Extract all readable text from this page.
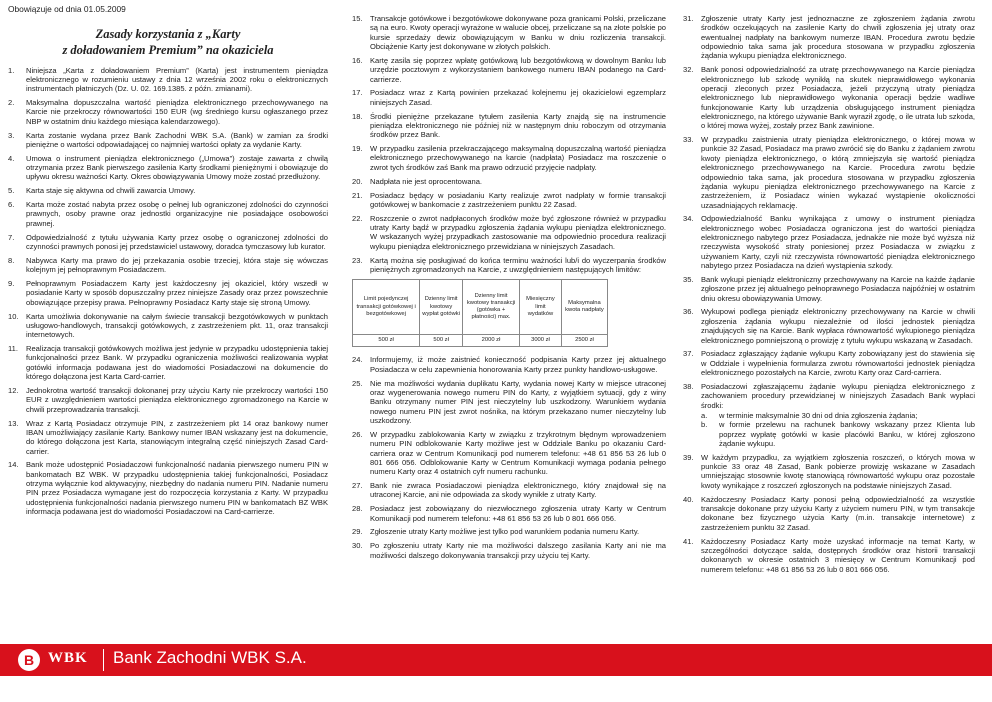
Obowiązuje od dnia 01.05.2009
Zasady korzystania z „Karty
z doładowaniem Premium” na okaziciela
1.	Niniejsza „Karta z doładowaniem Premium” (Karta) jest instrumentem pieniądza elektronicznego w rozumieniu ustawy z dnia 12 września 2002 roku o elektronicznych instrumentach płatniczych (Dz. U. 02. 169.1385. z późn. zmianami).

2.	Maksymalna dopuszczalna wartość pieniądza elektronicznego przechowywanego na Karcie nie przekroczy równowartości 150 EUR (wg średniego kursu ogłaszanego przez NBP w ostatnim dniu każdego miesiąca kalendarzowego).

3.	Karta zostanie wydana przez Bank Zachodni WBK S.A. (Bank) w zamian za środki pieniężne o wartości odpowiadającej co najmniej wartości opłaty za wydanie Karty.

4.	Umowa o instrument pieniądza elektronicznego („Umowa”) zostaje zawarta z chwilą otrzymania przez Bank pierwszego zasilenia Karty środkami pieniężnymi i obowiązuje do upływu okresu ważności Karty. Okres obowiązywania Umowy może zostać przedłużony.

5.	Karta staje się aktywna od chwili zawarcia Umowy.

6.	Karta może zostać nabyta przez osobę o pełnej lub ograniczonej zdolności do czynności prawnych, osoby prawne oraz jednostki organizacyjne nie posiadające osobowości prawnej.

7.	Odpowiedzialność z tytułu używania Karty przez osobę o ograniczonej zdolności do czynności prawnych ponosi jej przedstawiciel ustawowy, doradca tymczasowy lub kurator.

8.	Nabywca Karty ma prawo do jej przekazania osobie trzeciej, która staje się wówczas kolejnym jej pełnoprawnym Posiadaczem.

9.	Pełnoprawnym Posiadaczem Karty jest każdoczesny jej okaziciel, który wszedł w posiadanie Karty w sposób dopuszczalny przez niniejsze Zasady oraz przez powszechnie obowiązujące przepisy prawa. Pełnoprawny Posiadacz Karty staje się stroną Umowy.

10. Karta umożliwia dokonywanie na całym świecie transakcji bezgotówkowych w punktach usługowo-handlowych, transakcji gotówkowych, z zastrzeżeniem pkt. 11, oraz transakcji internetowych.

11.	Realizacja transakcji gotówkowych możliwa jest jedynie w przypadku udostępnienia takiej funkcjonalności przez Bank. W przypadku ograniczenia możliwości realizowania wypłat gotówki informacja podawana jest do wiadomości Posiadaczowi na dokumencie do którego dołączona jest Karta Card-carrier.

12. Jednokrotna wartość transakcji dokonanej przy użyciu Karty nie przekroczy wartości 150 EUR z uwzględnieniem wartości pieniądza elektronicznego zgromadzonego na Karcie w chwili przeprowadzania transakcji.

13. Wraz z Kartą Posiadacz otrzymuje PIN, z zastrzeżeniem pkt 14 oraz bankowy numer IBAN umożliwiający zasilanie Karty. Bankowy numer IBAN wskazany jest na dokumencie, do którego dołączona jest Karta, stanowiącym integralną część niniejszych Zasad Card-carrier.

14. Bank może udostępnić Posiadaczowi funkcjonalność nadania pierwszego numeru PIN w bankomatach BZ WBK. W przypadku udostępnienia takiej funkcjonalności, Posiadacz otrzyma wyłącznie kod aktywacyjny, niezbędny do nadania numeru PIN. Nadanie numeru PIN przez Posiadacza wymagane jest do rozpoczęcia korzystania z Karty. W przypadku udostępnienia funkcjonalności nadania pierwszego numeru PIN w bankomatach BZ WBK informacja podawana jest do wiadomości Posiadaczowi na Card-carrierze.

15. Transakcje gotówkowe i bezgotówkowe dokonywane poza granicami Polski, przeliczane są na euro. Kwoty operacji wyrażone w walucie obcej, przeliczane są na złote polskie po kursie sprzedaży dewiz obowiązującym w Banku w dniu rozliczenia transakcji. Obciążenie Karty jest dokonywane w złotych polskich.

16. Kartę zasila się poprzez wpłatę gotówkową lub bezgotówkową w dowolnym Banku lub urzędzie pocztowym z wykorzystaniem bankowego numeru IBAN podanego na Card-carrierze.

17. Posiadacz wraz z Kartą powinien przekazać kolejnemu jej okazicielowi egzemplarz niniejszych Zasad.

18. Środki pieniężne przekazane tytułem zasilenia Karty znajdą się na instrumencie pieniądza elektronicznego nie później niż w następnym dniu roboczym od otrzymania środków przez Bank.

19. W przypadku zasilenia przekraczającego maksymalną dopuszczalną wartość pieniądza elektronicznego przechowywanego na karcie (nadpłata) Posiadacz ma roszczenie o zwrot tych środków zaś Bank ma prawo odrzucić przyjęcie nadpłaty.

20. Nadpłata nie jest oprocentowana.

21. Posiadacz będący w posiadaniu Karty realizuje zwrot nadpłaty w formie transakcji gotówkowej w bankomacie z zastrzeżeniem punktu 22 Zasad.

22. Roszczenie o zwrot nadpłaconych środków może być zgłoszone również w przypadku utraty Karty bądź w przypadku zgłoszenia żądania wykupu pieniądza elektronicznego. W wskazanych wyżej przypadkach zastosowanie ma odpowiednio procedura realizacji wykupu pieniądza elektronicznego przewidziana w niniejszych Zasadach.

23. Kartą można się posługiwać do końca terminu ważności lub/i do wyczerpania środków pieniężnych zgromadzonych na Karcie, z uwzględnieniem następujących limitów:

Limit pojedynczej transakcji gotówkowej i bezgotówkowej	Dzienny limit kwotowy wypłat gotówki	Dzienny limit kwotowy transakcji (gotówka + płatności) max.	Miesięczny limit wydatków	Maksymalna kwota nadpłaty
500 zł	500 zł	2000 zł	3000 zł	2500 zł
24. Informujemy, iż może zaistnieć konieczność podpisania Karty przez jej aktualnego Posiadacza w celu zapewnienia honorowania Karty przez punkty handlowo-usługowe.

25. Nie ma możliwości wydania duplikatu Karty, wydania nowej Karty w miejsce utraconej oraz wygenerowania nowego numeru PIN do Karty, z wyjątkiem sytuacji, gdy z winy Banku otrzymany numer PIN jest nieczytelny lub uszkodzony. Warunkiem wydania nowego numeru PIN jest zwrot nośnika, na którym przekazano numer nieczytelny lub uszkodzony.

26. W przypadku zablokowania Karty w związku z trzykrotnym błędnym wprowadzeniem numeru PIN odblokowanie Karty możliwe jest w Oddziale Banku po okazaniu Card-carriera oraz w Centrum Komunikacji pod numerem telefonu: +48 61 856 53 26 lub 0 801 666 056. Odblokowanie Karty w Centrum Komunikacji wymaga podania pełnego numeru Karty oraz 4 ostatnich cyfr numeru rachunku.

27. Bank nie zwraca Posiadaczowi pieniądza elektronicznego, który znajdował się na utraconej Karcie, ani nie odpowiada za skody wynikłe z utraty Karty.

28. Posiadacz jest zobowiązany do niezwłocznego zgłoszenia utraty Karty w Centrum Komunikacji pod numerem telefonu: +48 61 856 53 26 lub 0 801 666 056.

29. Zgłoszenie utraty Karty możliwe jest tylko pod warunkiem podania numeru Karty.

30. Po zgłoszeniu utraty Karty nie ma możliwości dalszego zasilania Karty ani nie ma możliwości dalszego dokonywania transakcji przy użyciu tej Karty.

31. Zgłoszenie utraty Karty jest jednoznaczne ze zgłoszeniem żądania zwrotu środków oczekujących na zasilenie Karty do chwili zgłoszenia jej utraty oraz ewentualnej nadpłaty na bankowym numerze IBAN. Procedura zwrotu będzie odpowiednio taka sama jak procedura stosowana w przypadku zgłoszenia żądania wykupu pieniądza elektronicznego.

32. Bank ponosi odpowiedzialność za utratę przechowywanego na Karcie pieniądza elektronicznego lub szkodę wynikłą na skutek nieprawidłowego wykonania operacji zleconych przez Posiadacza, jeżeli przyczyną utraty pieniądza elektronicznego lub nieprawidłowego wykonania operacji będzie wadliwe funkcjonowanie Karty lub urządzenia obsługującego instrument pieniądza elektronicznego, na którego używanie Bank wyraził zgodę, o ile utrata lub szkoda, o której mowa wyżej, zostały przez Bank zawinione.

33. W przypadku zaistnienia utraty pieniądza elektronicznego, o której mowa w punkcie 32 Zasad, Posiadacz ma prawo zwrócić się do Banku z żądaniem zwrotu kwoty pieniądza elektronicznego, o którą zmniejszyła się wartość pieniądza elektronicznego przechowywanego na Karcie. Procedura zwrotu będzie odpowiednio taka sama, jak procedura stosowana w przypadku zgłoszenia żądania wykupu pieniądza elektronicznego przechowywanego na Karcie z zastrzeżeniem, iż Posiadacz winien wykazać wystąpienie okoliczności uzasadniających reklamację.

34. Odpowiedzialność Banku wynikająca z umowy o instrument pieniądza elektronicznego wobec Posiadacza ograniczona jest do wartości pieniądza elektronicznego nabytego przez Posiadacza, jednakże nie może być wyższa niż rzeczywista wysokość straty poniesionej przez Posiadacza w związku z używaniem Karty, czyli niż rzeczywista równowartość pieniądza elektronicznego nabytego przez Posiadacza na dzień wystąpienia szkody.

35. Bank wykupi pieniądz elektroniczny przechowywany na Karcie na każde żądanie zgłoszone przez jej aktualnego pełnoprawnego Posiadacza najpóźniej w ostatnim dniu okresu obowiązywania Umowy.

36. Wykupowi podlega pieniądz elektroniczny przechowywany na Karcie w chwili zgłoszenia żądania wykupu niezależnie od ilości jednostek pieniądza znajdujących się na Karcie. Bank wypłaca równowartość wykupionego pieniądza elektronicznego pomniejszoną o prowizję z tytułu wykupu wskazaną w Zasadach.

37. Posiadacz zgłaszający żądanie wykupu Karty zobowiązany jest do stawienia się w Oddziale i wypełnienia formularza zwrotu równowartości jednostek pieniądza elektronicznego pozostałych na Karcie, zwrotu Karty oraz Card-carriera.

38. Posiadaczowi zgłaszającemu żądanie wykupu pieniądza elektronicznego z zachowaniem procedury przewidzianej w niniejszych Zasadach Bank wypłaci środki:

a.	w terminie maksymalnie 30 dni od dnia zgłoszenia żądania;
b.	w formie przelewu na rachunek bankowy wskazany przez Klienta lub poprzez wypłatę gotówki w kasie placówki Banku, w której zgłoszono żądanie wykupu.
39. W każdym przypadku, za wyjątkiem zgłoszenia roszczeń, o których mowa w punkcie 33 oraz 48 Zasad, Bank pobierze prowizję wskazane w Zasadach umniejszając stosownie kwotę stanowiącą równowartość wykupu oraz pozostałe kwoty wynikające z roszczeń zgłoszonych na podstawie niniejszych Zasad.

40. Każdoczesny Posiadacz Karty ponosi pełną odpowiedzialność za wszystkie transakcje dokonane przy użyciu Karty z użyciem numeru PIN, w tym transakcje dokonane bez fizycznego użycia Karty (m.in. transakcje internetowe) z zastrzeżeniem punktu 32 Zasad.

41. Każdoczesny Posiadacz Karty może uzyskać informacje na temat Karty, w szczególności dotyczące salda, dostępnych środków oraz historii transakcji dokonanych w okresie ostatnich 3 miesięcy w Centrum Komunikacji pod numerem telefonu: +48 61 856 53 26 lub 0 801 666 056.

B WBK Bank Zachodni WBK S.A.
